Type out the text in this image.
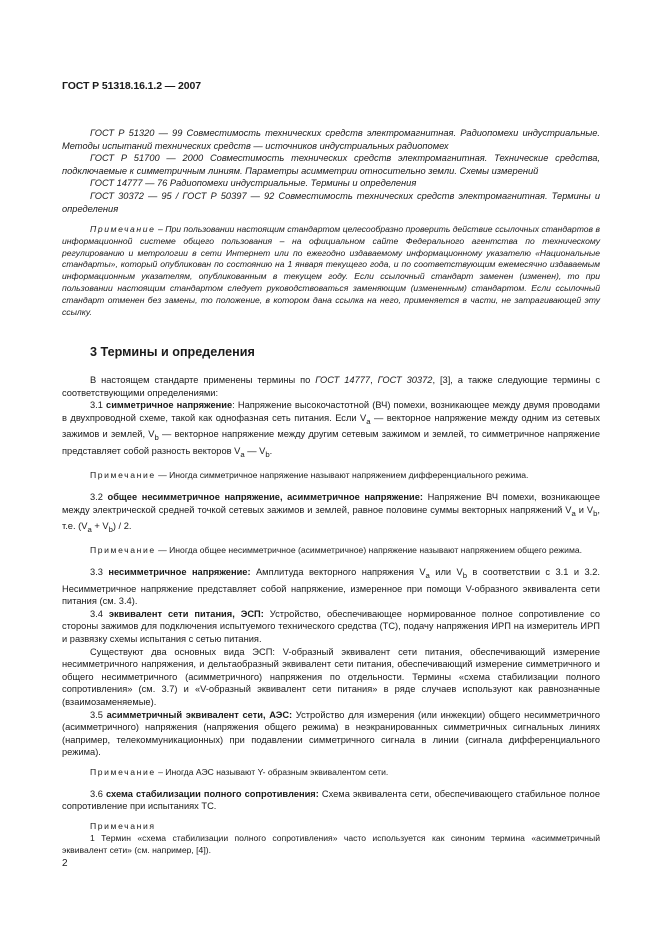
ГОСТ Р 51318.16.1.2 — 2007

ГОСТ Р 51320 — 99 Совместимость технических средств электромагнитная. Радиопомехи индустриальные. Методы испытаний технических средств — источников индустриальных радиопомех

ГОСТ Р 51700 — 2000 Совместимость технических средств электромагнитная. Технические средства, подключаемые к симметричным линиям. Параметры асимметрии относительно земли. Схемы измерений

ГОСТ 14777 — 76 Радиопомехи индустриальные. Термины и определения

ГОСТ 30372 — 95 / ГОСТ Р 50397 — 92 Совместимость технических средств электромагнитная. Термины и определения

Примечание – При пользовании настоящим стандартом целесообразно проверить действие ссылочных стандартов в информационной системе общего пользования – на официальном сайте Федерального агентства по техническому регулированию и метрологии в сети Интернет или по ежегодно издаваемому информационному указателю «Национальные стандарты», который опубликован по состоянию на 1 января текущего года, и по соответствующим ежемесячно издаваемым информационным указателям, опубликованным в текущем году. Если ссылочный стандарт заменен (изменен), то при пользовании настоящим стандартом следует руководствоваться заменяющим (измененным) стандартом. Если ссылочный стандарт отменен без замены, то положение, в котором дана ссылка на него, применяется в части, не затрагивающей эту ссылку.

3 Термины и определения

В настоящем стандарте применены термины по ГОСТ 14777, ГОСТ 30372, [3], а также следующие термины с соответствующими определениями:

3.1 симметричное напряжение: Напряжение высокочастотной (ВЧ) помехи, возникающее между двумя проводами в двухпроводной схеме, такой как однофазная сеть питания. Если $V_a$ — векторное напряжение между одним из сетевых зажимов и землей, $V_b$ — векторное напряжение между другим сетевым зажимом и землей, то симметричное напряжение представляет собой разность векторов $V_a$ — $V_b$.

Примечание — Иногда симметричное напряжение называют напряжением дифференциального режима.

3.2 общее несимметричное напряжение, асимметричное напряжение: Напряжение ВЧ помехи, возникающее между электрической средней точкой сетевых зажимов и землей, равное половине суммы векторных напряжений $V_a$ и $V_b$, т.е. $(V_a + V_b) / 2$.

Примечание — Иногда общее несимметричное (асимметричное) напряжение называют напряжением общего режима.

3.3 несимметричное напряжение: Амплитуда векторного напряжения $V_a$ или $V_b$ в соответствии с 3.1 и 3.2. Несимметричное напряжение представляет собой напряжение, измеренное при помощи V-образного эквивалента сети питания (см. 3.4).

3.4 эквивалент сети питания, ЭСП: Устройство, обеспечивающее нормированное полное сопротивление со стороны зажимов для подключения испытуемого технического средства (ТС), подачу напряжения ИРП на измеритель ИРП и развязку схемы испытания с сетью питания.

Существуют два основных вида ЭСП: V-образный эквивалент сети питания, обеспечивающий измерение несимметричного напряжения, и дельтаобразный эквивалент сети питания, обеспечивающий измерение симметричного и общего несимметричного (асимметричного) напряжения по отдельности. Термины «схема стабилизации полного сопротивления» (см. 3.7) и «V-образный эквивалент сети питания» в ряде случаев используют как равнозначные (взаимозаменяемые).

3.5 асимметричный эквивалент сети, АЭС: Устройство для измерения (или инжекции) общего несимметричного (асимметричного) напряжения (напряжения общего режима) в неэкранированных симметричных сигнальных линиях (например, телекоммуникационных) при подавлении симметричного сигнала в линии (сигнала дифференциального режима).

Примечание – Иногда АЭС называют Y- образным эквивалентом сети.

3.6 схема стабилизации полного сопротивления: Схема эквивалента сети, обеспечивающего стабильное полное сопротивление при испытаниях ТС.

Примечания

1 Термин «схема стабилизации полного сопротивления» часто используется как синоним термина «асимметричный эквивалент сети» (см. например, [4]).

2
